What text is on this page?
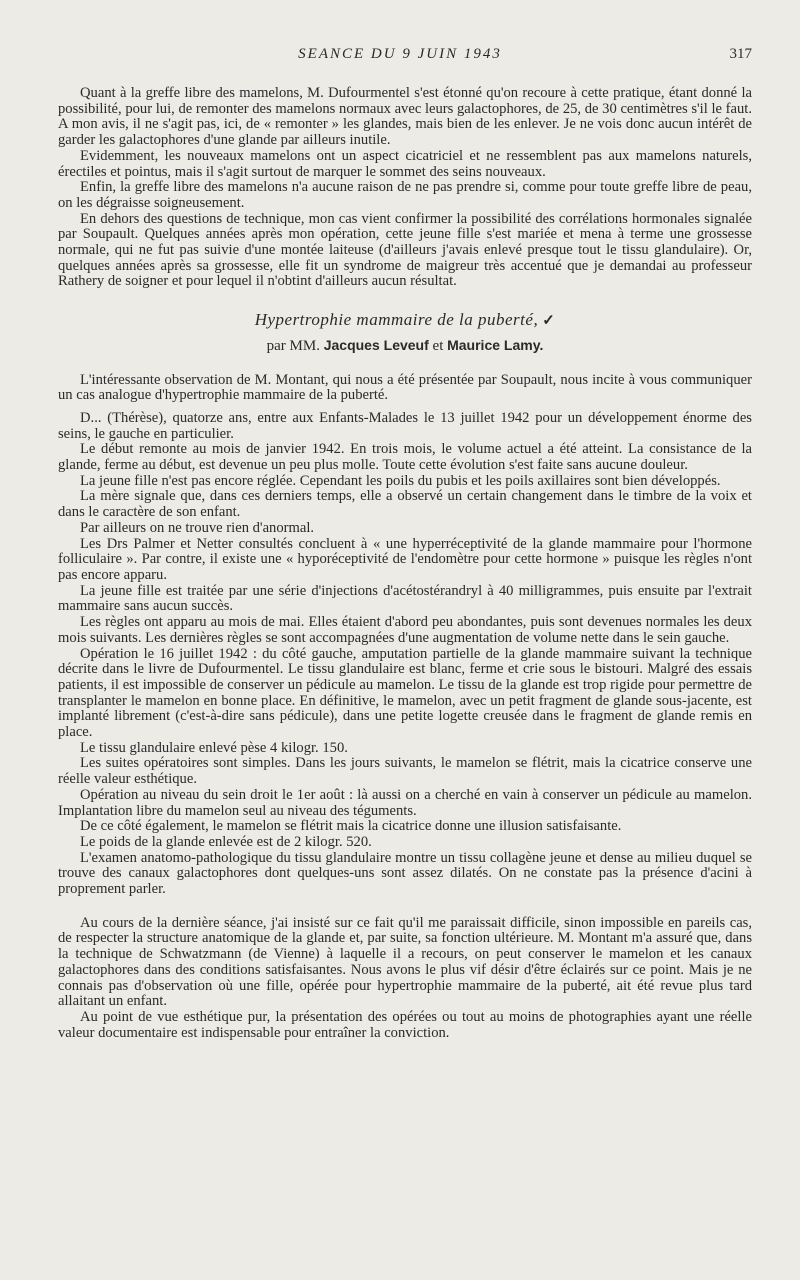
SEANCE DU 9 JUIN 1943	317

Quant à la greffe libre des mamelons, M. Dufourmentel s'est étonné qu'on recoure à cette pratique, étant donné la possibilité, pour lui, de remonter des mamelons normaux avec leurs galactophores, de 25, de 30 centimètres s'il le faut. A mon avis, il ne s'agit pas, ici, de « remonter » les glandes, mais bien de les enlever. Je ne vois donc aucun intérêt de garder les galactophores d'une glande par ailleurs inutile.

Evidemment, les nouveaux mamelons ont un aspect cicatriciel et ne ressemblent pas aux mamelons naturels, érectiles et pointus, mais il s'agit surtout de marquer le sommet des seins nouveaux.

Enfin, la greffe libre des mamelons n'a aucune raison de ne pas prendre si, comme pour toute greffe libre de peau, on les dégraisse soigneusement.

En dehors des questions de technique, mon cas vient confirmer la possibilité des corrélations hormonales signalée par Soupault. Quelques années après mon opération, cette jeune fille s'est mariée et mena à terme une grossesse normale, qui ne fut pas suivie d'une montée laiteuse (d'ailleurs j'avais enlevé presque tout le tissu glandulaire). Or, quelques années après sa grossesse, elle fit un syndrome de maigreur très accentué que je demandai au professeur Rathery de soigner et pour lequel il n'obtint d'ailleurs aucun résultat.

Hypertrophie mammaire de la puberté, ✓
par MM. Jacques Leveuf et Maurice Lamy.

L'intéressante observation de M. Montant, qui nous a été présentée par Soupault, nous incite à vous communiquer un cas analogue d'hypertrophie mammaire de la puberté.

D... (Thérèse), quatorze ans, entre aux Enfants-Malades le 13 juillet 1942 pour un développement énorme des seins, le gauche en particulier.

Le début remonte au mois de janvier 1942. En trois mois, le volume actuel a été atteint. La consistance de la glande, ferme au début, est devenue un peu plus molle. Toute cette évolution s'est faite sans aucune douleur.

La jeune fille n'est pas encore réglée. Cependant les poils du pubis et les poils axillaires sont bien développés.

La mère signale que, dans ces derniers temps, elle a observé un certain changement dans le timbre de la voix et dans le caractère de son enfant.

Par ailleurs on ne trouve rien d'anormal.

Les Drs Palmer et Netter consultés concluent à « une hyperréceptivité de la glande mammaire pour l'hormone folliculaire ». Par contre, il existe une « hyporéceptivité de l'endomètre pour cette hormone » puisque les règles n'ont pas encore apparu.

La jeune fille est traitée par une série d'injections d'acétostérandryl à 40 milligrammes, puis ensuite par l'extrait mammaire sans aucun succès.

Les règles ont apparu au mois de mai. Elles étaient d'abord peu abondantes, puis sont devenues normales les deux mois suivants. Les dernières règles se sont accompagnées d'une augmentation de volume nette dans le sein gauche.

Opération le 16 juillet 1942 : du côté gauche, amputation partielle de la glande mammaire suivant la technique décrite dans le livre de Dufourmentel. Le tissu glandulaire est blanc, ferme et crie sous le bistouri. Malgré des essais patients, il est impossible de conserver un pédicule au mamelon. Le tissu de la glande est trop rigide pour permettre de transplanter le mamelon en bonne place. En définitive, le mamelon, avec un petit fragment de glande sous-jacente, est implanté librement (c'est-à-dire sans pédicule), dans une petite logette creusée dans le fragment de glande remis en place.

Le tissu glandulaire enlevé pèse 4 kilogr. 150.

Les suites opératoires sont simples. Dans les jours suivants, le mamelon se flétrit, mais la cicatrice conserve une réelle valeur esthétique.

Opération au niveau du sein droit le 1er août : là aussi on a cherché en vain à conserver un pédicule au mamelon. Implantation libre du mamelon seul au niveau des téguments.

De ce côté également, le mamelon se flétrit mais la cicatrice donne une illusion satisfaisante.

Le poids de la glande enlevée est de 2 kilogr. 520.

L'examen anatomo-pathologique du tissu glandulaire montre un tissu collagène jeune et dense au milieu duquel se trouve des canaux galactophores dont quelques-uns sont assez dilatés. On ne constate pas la présence d'acini à proprement parler.

Au cours de la dernière séance, j'ai insisté sur ce fait qu'il me paraissait difficile, sinon impossible en pareils cas, de respecter la structure anatomique de la glande et, par suite, sa fonction ultérieure. M. Montant m'a assuré que, dans la technique de Schwatzmann (de Vienne) à laquelle il a recours, on peut conserver le mamelon et les canaux galactophores dans des conditions satisfaisantes. Nous avons le plus vif désir d'être éclairés sur ce point. Mais je ne connais pas d'observation où une fille, opérée pour hypertrophie mammaire de la puberté, ait été revue plus tard allaitant un enfant.

Au point de vue esthétique pur, la présentation des opérées ou tout au moins de photographies ayant une réelle valeur documentaire est indispensable pour entraîner la conviction.
